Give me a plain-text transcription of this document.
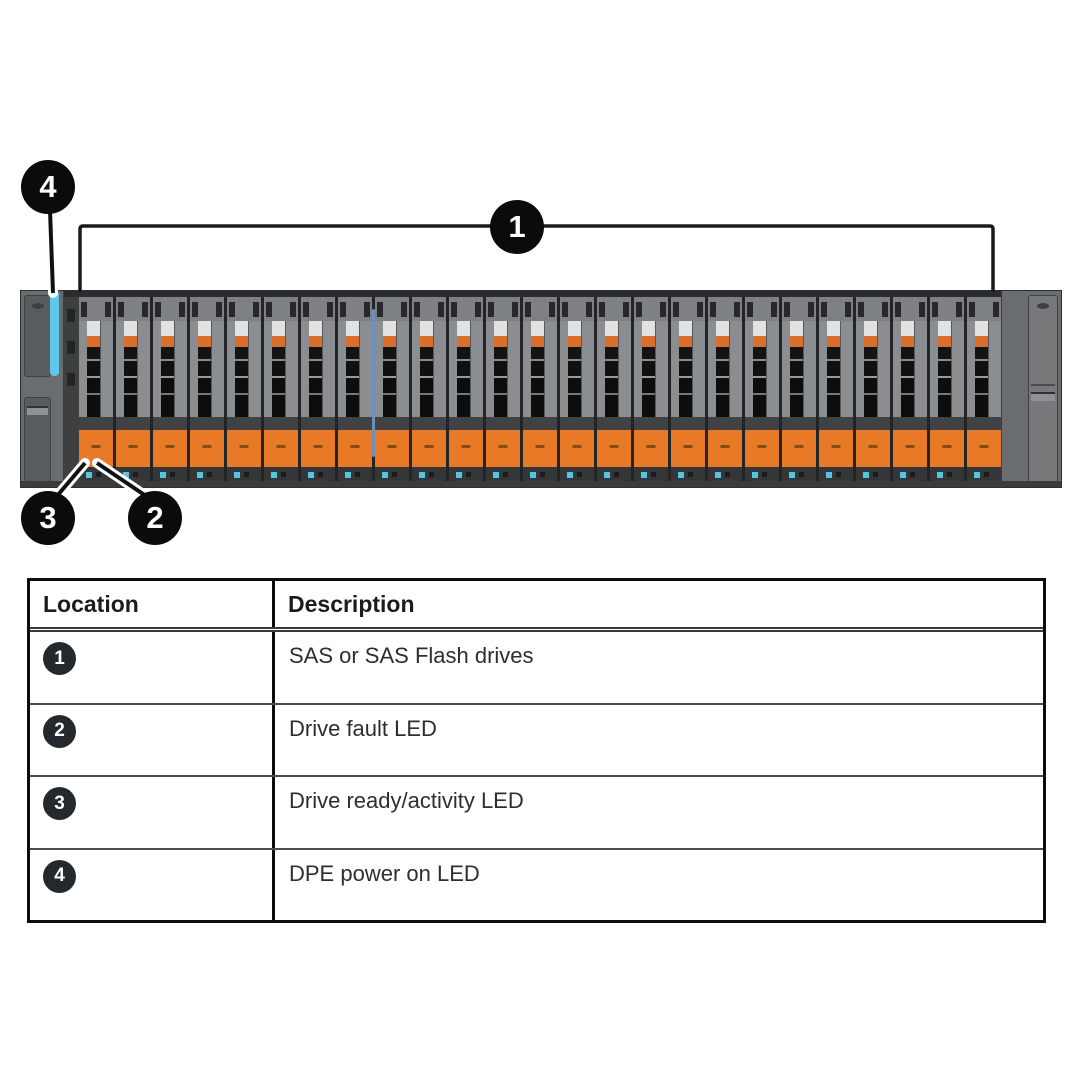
4
1
3	2
Location	Description
1	SAS or SAS Flash drives
2	Drive fault LED
3	Drive ready/activity LED
4	DPE power on LED
